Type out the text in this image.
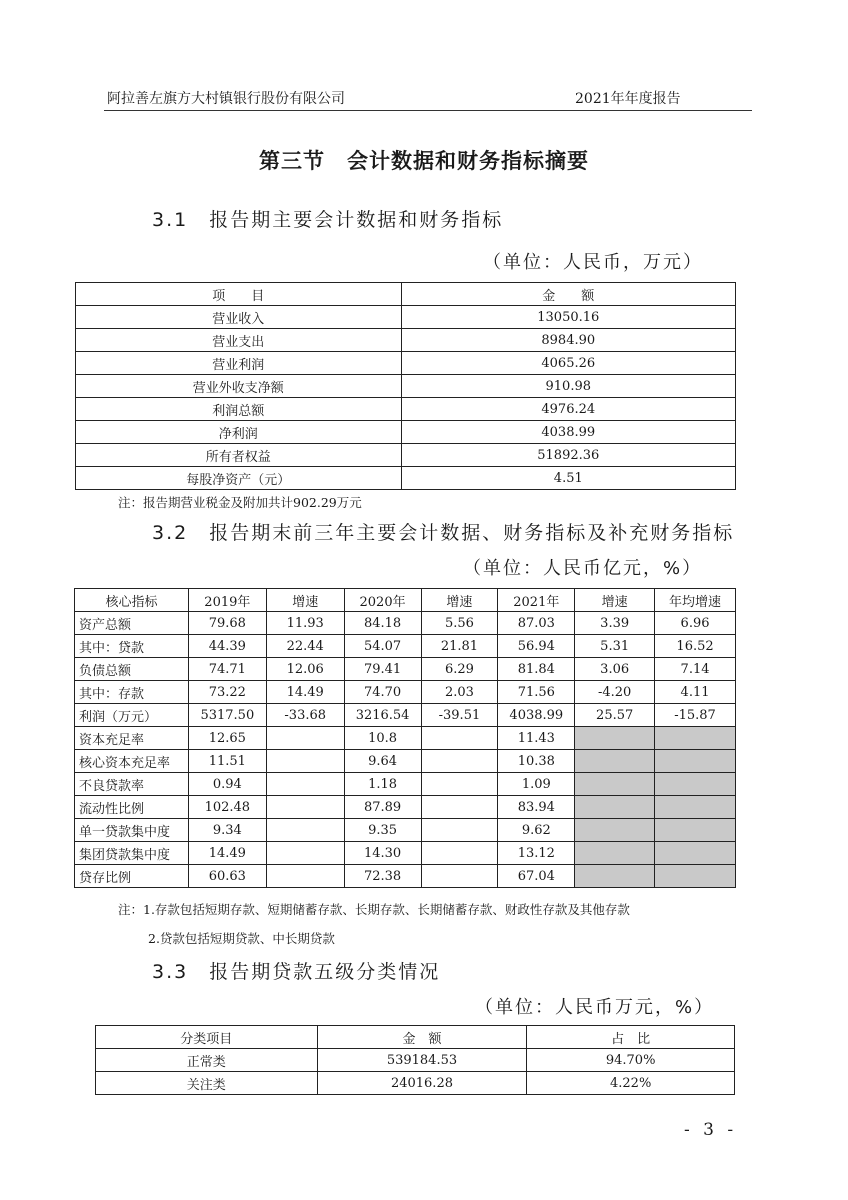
阿拉善左旗方大村镇银行股份有限公司	2021年年度报告
第三节　会计数据和财务指标摘要
3.1　报告期主要会计数据和财务指标
（单位：人民币，万元）
项　　目	金　　额
营业收入	13050.16
营业支出	8984.90
营业利润	4065.26
营业外收支净额	910.98
利润总额	4976.24
净利润	4038.99
所有者权益	51892.36
每股净资产（元）	4.51
注：报告期营业税金及附加共计902.29万元
3.2　报告期末前三年主要会计数据、财务指标及补充财务指标
（单位：人民币亿元，%）
核心指标	2019年	增速	2020年	增速	2021年	增速	年均增速
资产总额	79.68	11.93	84.18	5.56	87.03	3.39	6.96
其中：贷款	44.39	22.44	54.07	21.81	56.94	5.31	16.52
负债总额	74.71	12.06	79.41	6.29	81.84	3.06	7.14
其中：存款	73.22	14.49	74.70	2.03	71.56	-4.20	4.11
利润（万元）	5317.50	-33.68	3216.54	-39.51	4038.99	25.57	-15.87
资本充足率	12.65		10.8		11.43		
核心资本充足率	11.51		9.64		10.38		
不良贷款率	0.94		1.18		1.09		
流动性比例	102.48		87.89		83.94		
单一贷款集中度	9.34		9.35		9.62		
集团贷款集中度	14.49		14.30		13.12		
贷存比例	60.63		72.38		67.04		
注：1.存款包括短期存款、短期储蓄存款、长期存款、长期储蓄存款、财政性存款及其他存款
2.贷款包括短期贷款、中长期贷款
3.3　报告期贷款五级分类情况
（单位：人民币万元，%）
分类项目	金　额	占　比
正常类	539184.53	94.70%
关注类	24016.28	4.22%
- 3 -
